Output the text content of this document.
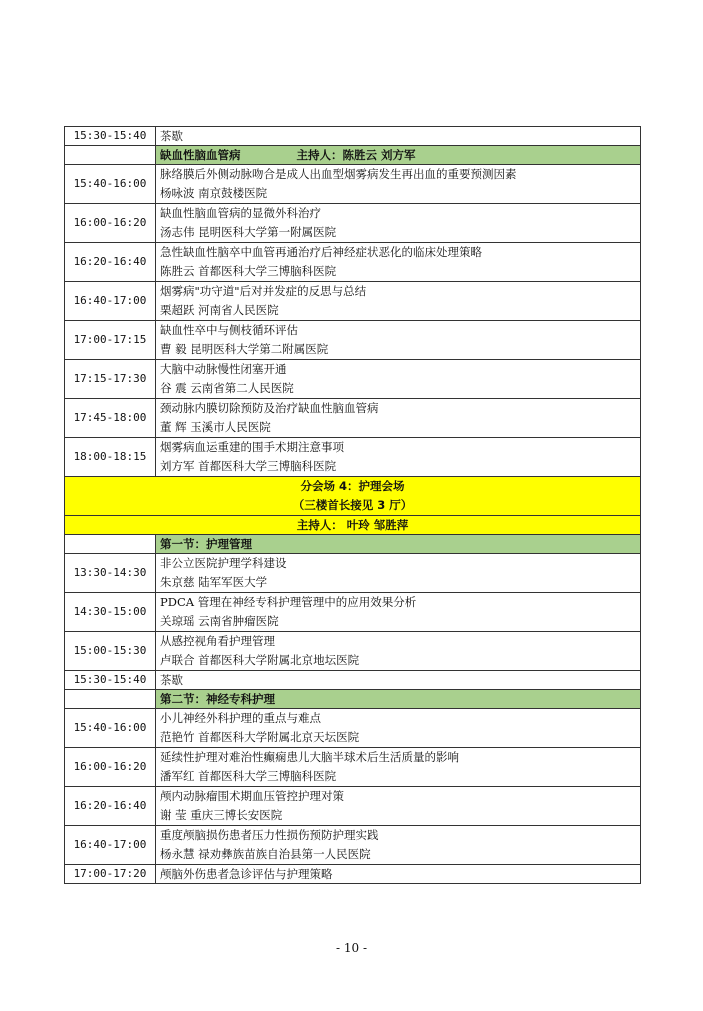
15:30-15:40	茶歇
	缺血性脑血管病 主持人：陈胜云 刘方军
15:40-16:00	脉络膜后外侧动脉吻合是成人出血型烟雾病发生再出血的重要预测因素
杨咏波 南京鼓楼医院

16:00-16:20	缺血性脑血管病的显微外科治疗
汤志伟 昆明医科大学第一附属医院

16:20-16:40	急性缺血性脑卒中血管再通治疗后神经症状恶化的临床处理策略
陈胜云 首都医科大学三博脑科医院

16:40-17:00	烟雾病"功守道"后对并发症的反思与总结
栗超跃 河南省人民医院

17:00-17:15	缺血性卒中与侧枝循环评估
曹 毅 昆明医科大学第二附属医院

17:15-17:30	大脑中动脉慢性闭塞开通
谷 震 云南省第二人民医院

17:45-18:00	颈动脉内膜切除预防及治疗缺血性脑血管病
董 辉 玉溪市人民医院

18:00-18:15	烟雾病血运重建的围手术期注意事项
刘方军 首都医科大学三博脑科医院

分会场 4：护理会场
（三楼首长接见 3 厅）	

主持人： 叶玲 邹胜萍	
	第一节：护理管理
13:30-14:30	非公立医院护理学科建设
朱京慈 陆军军医大学

14:30-15:00	PDCA 管理在神经专科护理管理中的应用效果分析
关琼瑶 云南省肿瘤医院

15:00-15:30	从感控视角看护理管理
卢联合 首都医科大学附属北京地坛医院

15:30-15:40	茶歇
	第二节：神经专科护理
15:40-16:00	小儿神经外科护理的重点与难点
范艳竹 首都医科大学附属北京天坛医院

16:00-16:20	延续性护理对难治性癫痫患儿大脑半球术后生活质量的影响
潘军红 首都医科大学三博脑科医院

16:20-16:40	颅内动脉瘤围术期血压管控护理对策
谢 莹 重庆三博长安医院

16:40-17:00	重度颅脑损伤患者压力性损伤预防护理实践
杨永慧 禄劝彝族苗族自治县第一人民医院

17:00-17:20	颅脑外伤患者急诊评估与护理策略
- 10 -
